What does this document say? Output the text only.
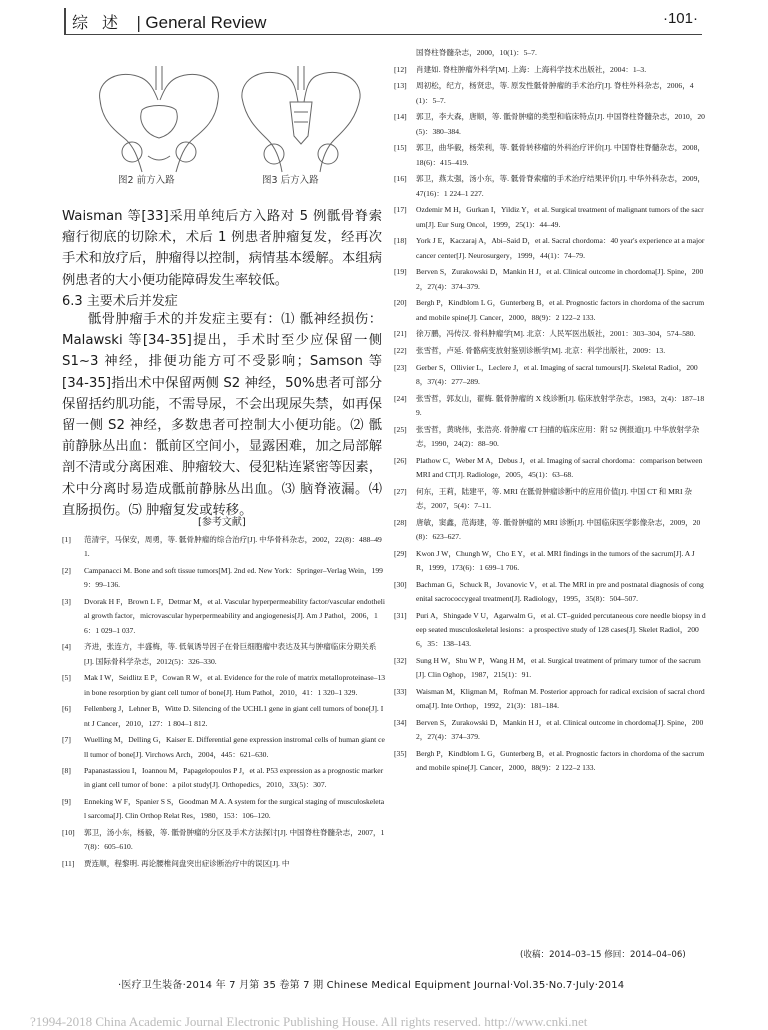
综述 | General Review	·101·
图2 前方入路	图3 后方入路
Waisman 等[33]采用单纯后方入路对 5 例骶骨脊索瘤行彻底的切除术，术后 1 例患者肿瘤复发，经再次手术和放疗后，肿瘤得以控制，病情基本缓解。本组病例患者的大小便功能障碍发生率较低。
6.3 主要术后并发症
骶骨肿瘤手术的并发症主要有：⑴ 骶神经损伤：Malawski 等[34-35]提出，手术时至少应保留一侧 S1~3 神经，排便功能方可不受影响；Samson 等[34-35]指出术中保留两侧 S2 神经，50%患者可部分保留括约肌功能，不需导尿，不会出现尿失禁，如再保留一侧 S2 神经，多数患者可控制大小便功能。⑵ 骶前静脉丛出血：骶前区空间小，显露困难，加之局部解剖不清或分离困难、肿瘤较大、侵犯粘连紧密等因素，术中分离时易造成骶前静脉丛出血。⑶ 脑脊液漏。⑷ 直肠损伤。⑸ 肿瘤复发或转移。
[参考文献]
[1]	范清宇，马保安，周勇，等. 骶骨肿瘤的综合治疗[J]. 中华骨科杂志，2002，22(8)：488–491.
[2]	Campanacci M. Bone and soft tissue tumors[M]. 2nd ed. New York：Springer–Verlag Wein，1999：99–136.
[3]	Dvorak H F，Brown L F，Detmar M，et al. Vascular hyperpermeability factor/vascular endothelial growth factor，microvascular hyperpermeability and angiogenesis[J]. Am J Pathol，2006，16：1 029–1 037.
[4]	齐进，张连方，丰盛梅，等. 低氧诱导因子在骨巨细胞瘤中表达及其与肿瘤临床分期关系[J]. 国际骨科学杂志，2012(5)：326–330.
[5]	Mak I W，Seidlitz E P，Cowan R W，et al. Evidence for the role of matrix metalloproteinase–13 in bone resorption by giant cell tumor of bone[J]. Hum Pathol，2010，41：1 320–1 329.
[6]	Fellenberg J，Lehner B，Witte D. Silencing of the UCHL1 gene in giant cell tumors of bone[J]. Int J Cancer，2010，127：1 804–1 812.
[7]	Wuelling M，Delling G，Kaiser E. Differential gene expression instromal cells of human giant cell tumor of bone[J]. Virchows Arch，2004，445：621–630.
[8]	Papanastassiou I，Ioannou M，Papagelopoulos P J，et al. P53 expression as a prognostic marker in giant cell tumor of bone：a pilot study[J]. Orthopedics，2010，33(5)：307.
[9]	Enneking W F，Spanier S S，Goodman M A. A system for the surgical staging of musculoskeletal sarcoma[J]. Clin Orthop Relat Res，1980，153：106–120.
[10]	郭卫，汤小东，杨毅，等. 骶骨肿瘤的分区及手术方法探讨[J]. 中国脊柱脊髓杂志，2007，17(8)：605–610.
[11]	贾连顺，程黎明. 再论腰椎间盘突出症诊断治疗中的误区[J]. 中
国脊柱脊髓杂志，2000，10(1)：5–7.
[12]	肖建如. 脊柱肿瘤外科学[M]. 上海：上海科学技术出版社，2004：1–3.
[13]	周初松，纪方，杨贤忠，等. 原发性骶骨肿瘤的手术治疗[J]. 脊柱外科杂志，2006，4(1)：5–7.
[14]	郭卫，李大森，唐顺，等. 骶骨肿瘤的类型和临床特点[J]. 中国脊柱脊髓杂志，2010，20(5)：380–384.
[15]	郭卫，曲华毅，杨荣利，等. 骶骨转移瘤的外科治疗评价[J]. 中国脊柱脊髓杂志，2008，18(6)：415–419.
[16]	郭卫，燕太强，汤小东，等. 骶骨脊索瘤的手术治疗结果评价[J]. 中华外科杂志，2009，47(16)：1 224–1 227.
[17]	Ozdemir M H，Gurkan I，Yildiz Y，et al. Surgical treatment of malignant tumors of the sacrum[J]. Eur Surg Oncol，1999，25(1)：44–49.
[18]	York J E，Kaczaraj A，Abi–Said D，et al. Sacral chordoma：40 year's experience at a major cancer center[J]. Neurosurgery，1999，44(1)：74–79.
[19]	Berven S，Zurakowski D，Mankin H J，et al. Clinical outcome in chordoma[J]. Spine，2002，27(4)：374–379.
[20]	Bergh P，Kindblom L G，Gunterberg B，et al. Prognostic factors in chordoma of the sacrum and mobile spine[J]. Cancer，2000，88(9)：2 122–2 133.
[21]	徐万鹏，冯传汉. 骨科肿瘤学[M]. 北京：人民军医出版社，2001：303–304，574–580.
[22]	张雪哲，卢延. 骨骼病变放射鉴别诊断学[M]. 北京：科学出版社，2009：13.
[23]	Gerber S，Ollivier L，Leclere J，et al. Imaging of sacral tumours[J]. Skeletal Radiol，2008，37(4)：277–289.
[24]	张雪哲，郭友山，翟梅. 骶骨肿瘤的 X 线诊断[J]. 临床放射学杂志，1983，2(4)：187–189.
[25]	张雪哲，黄晓伟，张浩亮. 骨肿瘤 CT 扫描的临床应用：附 52 例报道[J]. 中华放射学杂志，1990，24(2)：88–90.
[26]	Plathow C，Weber M A，Debus J，et al. Imaging of sacral chordoma：comparison between MRI and CT[J]. Radiologe，2005，45(1)：63–68.
[27]	何东，王莉，陆建平，等. MRI 在骶骨肿瘤诊断中的应用价值[J]. 中国 CT 和 MRI 杂志，2007，5(4)：7–11.
[28]	唐敏，窦鑫，范海建，等. 骶骨肿瘤的 MRI 诊断[J]. 中国临床医学影像杂志，2009，20(8)：623–627.
[29]	Kwon J W，Chungh W，Cho E Y，et al. MRI findings in the tumors of the sacrum[J]. A J R，1999，173(6)：1 699–1 706.
[30]	Bachman G，Schuck R，Jovanovic V，et al. The MRI in pre and postnatal diagnosis of congenital sacrococcygeal treatment[J]. Radiology，1995，35(8)：504–507.
[31]	Puri A，Shingade V U，Agarwalm G，et al. CT–guided percutaneous core needle biopsy in deep seated musculoskeletal lesions：a prospective study of 128 cases[J]. Skelet Radiol，2006，35：138–143.
[32]	Sung H W，Shu W P，Wang H M，et al. Surgical treatment of primary tumor of the sacrum[J]. Clin Oghop，1987，215(1)：91.
[33]	Waisman M，Kligman M，Rofman M. Posterior approach for radical excision of sacral chordoma[J]. Inte Orthop，1992，21(3)：181–184.
[34]	Berven S，Zurakowski D，Mankin H J，et al. Clinical outcome in chordoma[J]. Spine，2002，27(4)：374–379.
[35]	Bergh P，Kindblom L G，Gunterberg B，et al. Prognostic factors in chordoma of the sacrum and mobile spine[J]. Cancer，2000，88(9)：2 122–2 133.
(收稿：2014–03–15 修回：2014–04–06)
·医疗卫生装备·2014 年 7 月第 35 卷第 7 期 Chinese Medical Equipment Journal·Vol.35·No.7·July·2014
?1994-2018 China Academic Journal Electronic Publishing House. All rights reserved. http://www.cnki.net
